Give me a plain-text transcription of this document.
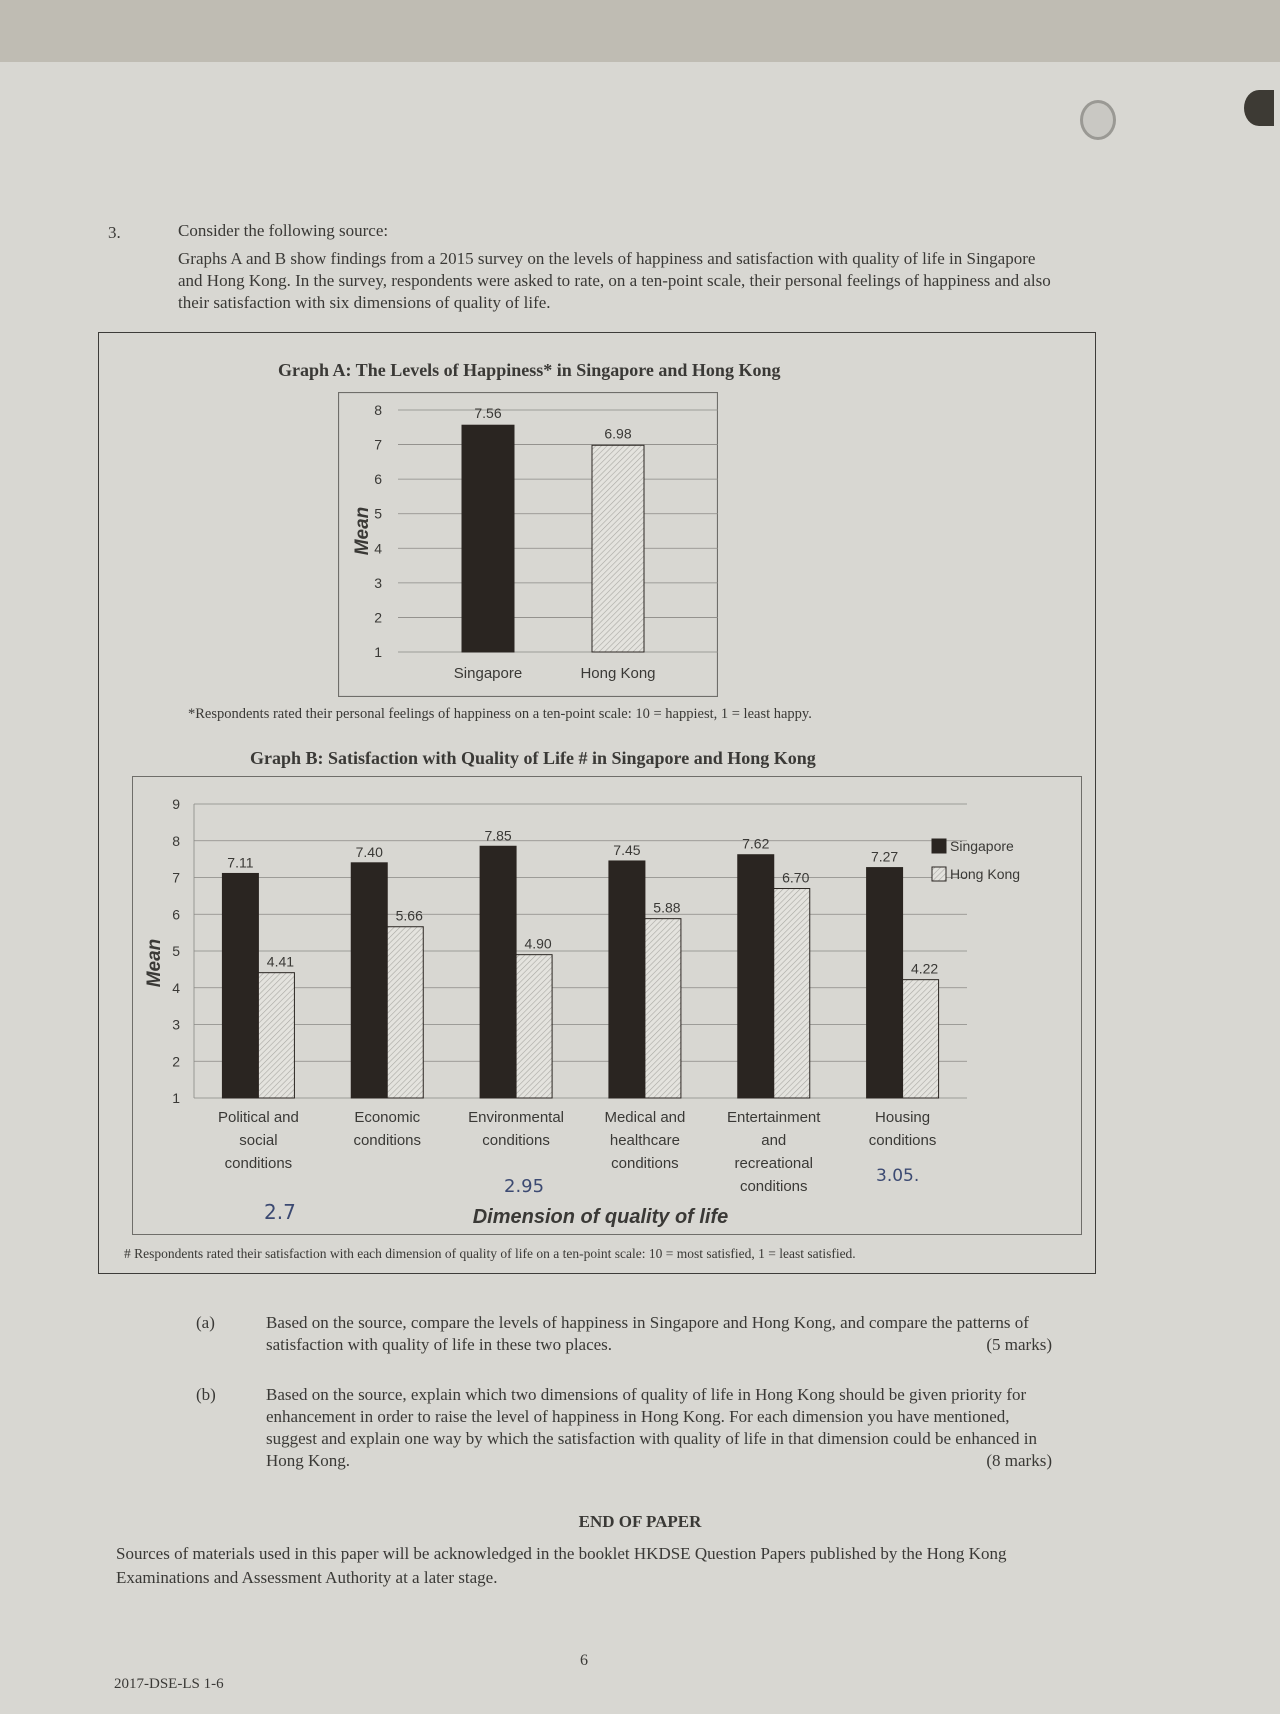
3.	Consider the following source:
Graphs A and B show findings from a 2015 survey on the levels of happiness and satisfaction with quality of life in Singapore and Hong Kong. In the survey, respondents were asked to rate, on a ten-point scale, their personal feelings of happiness and also their satisfaction with six dimensions of quality of life.
Graph A: The Levels of Happiness* in Singapore and Hong Kong
1
2
3
4
5
6
7
8
Mean
7.56
Singapore
6.98
Hong Kong
*Respondents rated their personal feelings of happiness on a ten-point scale: 10 = happiest, 1 = least happy.
Graph B: Satisfaction with Quality of Life # in Singapore and Hong Kong
1
2
3
4
5
6
7
8
9
Mean
7.11
4.41
Political and
social
conditions
7.40
5.66
Economic
conditions
7.85
4.90
Environmental
conditions
7.45
5.88
Medical and
healthcare
conditions
7.62
6.70
Entertainment
and
recreational
conditions
7.27
4.22
Housing
conditions
Dimension of quality of life
Singapore
Hong Kong
# Respondents rated their satisfaction with each dimension of quality of life on a ten-point scale: 10 = most satisfied, 1 = least satisfied.
2.7
2.95	3.05.
(a)	Based on the source, compare the levels of happiness in Singapore and Hong Kong, and compare the patterns of satisfaction with quality of life in these two places.	(5 marks)
(b)	Based on the source, explain which two dimensions of quality of life in Hong Kong should be given priority for enhancement in order to raise the level of happiness in Hong Kong. For each dimension you have mentioned, suggest and explain one way by which the satisfaction with quality of life in that dimension could be enhanced in Hong Kong.	(8 marks)
END OF PAPER
Sources of materials used in this paper will be acknowledged in the booklet HKDSE Question Papers published by the Hong Kong Examinations and Assessment Authority at a later stage.
6
2017-DSE-LS 1-6
